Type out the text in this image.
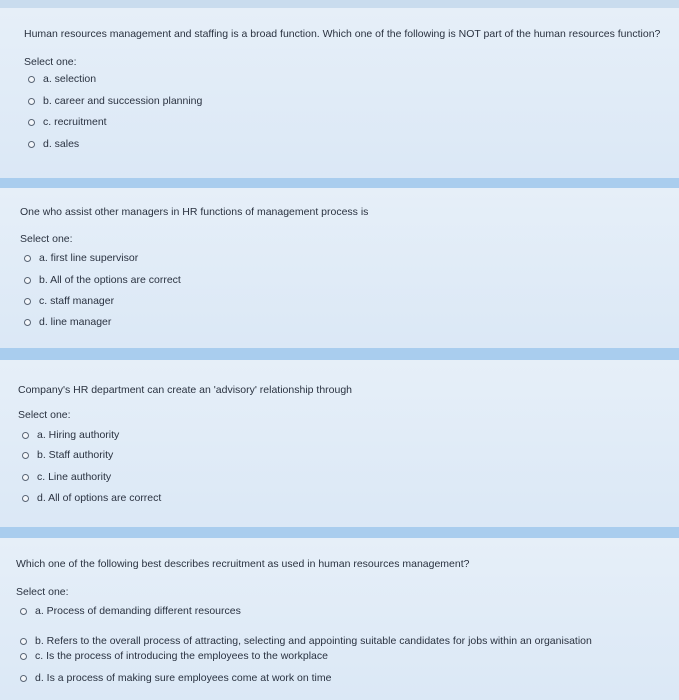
Human resources management and staffing is a broad function. Which one of the following is NOT part of the human resources function?
Select one:
a. selection
b. career and succession planning
c. recruitment
d. sales
One who assist other managers in HR functions of management process is
Select one:
a. first line supervisor
b. All of the options are correct
c. staff manager
d. line manager
Company's HR department can create an 'advisory' relationship through
Select one:
a. Hiring authority
b. Staff authority
c. Line authority
d. All of options are correct
Which one of the following best describes recruitment as used in human resources management?
Select one:
a. Process of demanding different resources
b. Refers to the overall process of attracting, selecting and appointing suitable candidates for jobs within an organisation
c. Is the process of introducing the employees to the workplace
d. Is a process of making sure employees come at work on time
